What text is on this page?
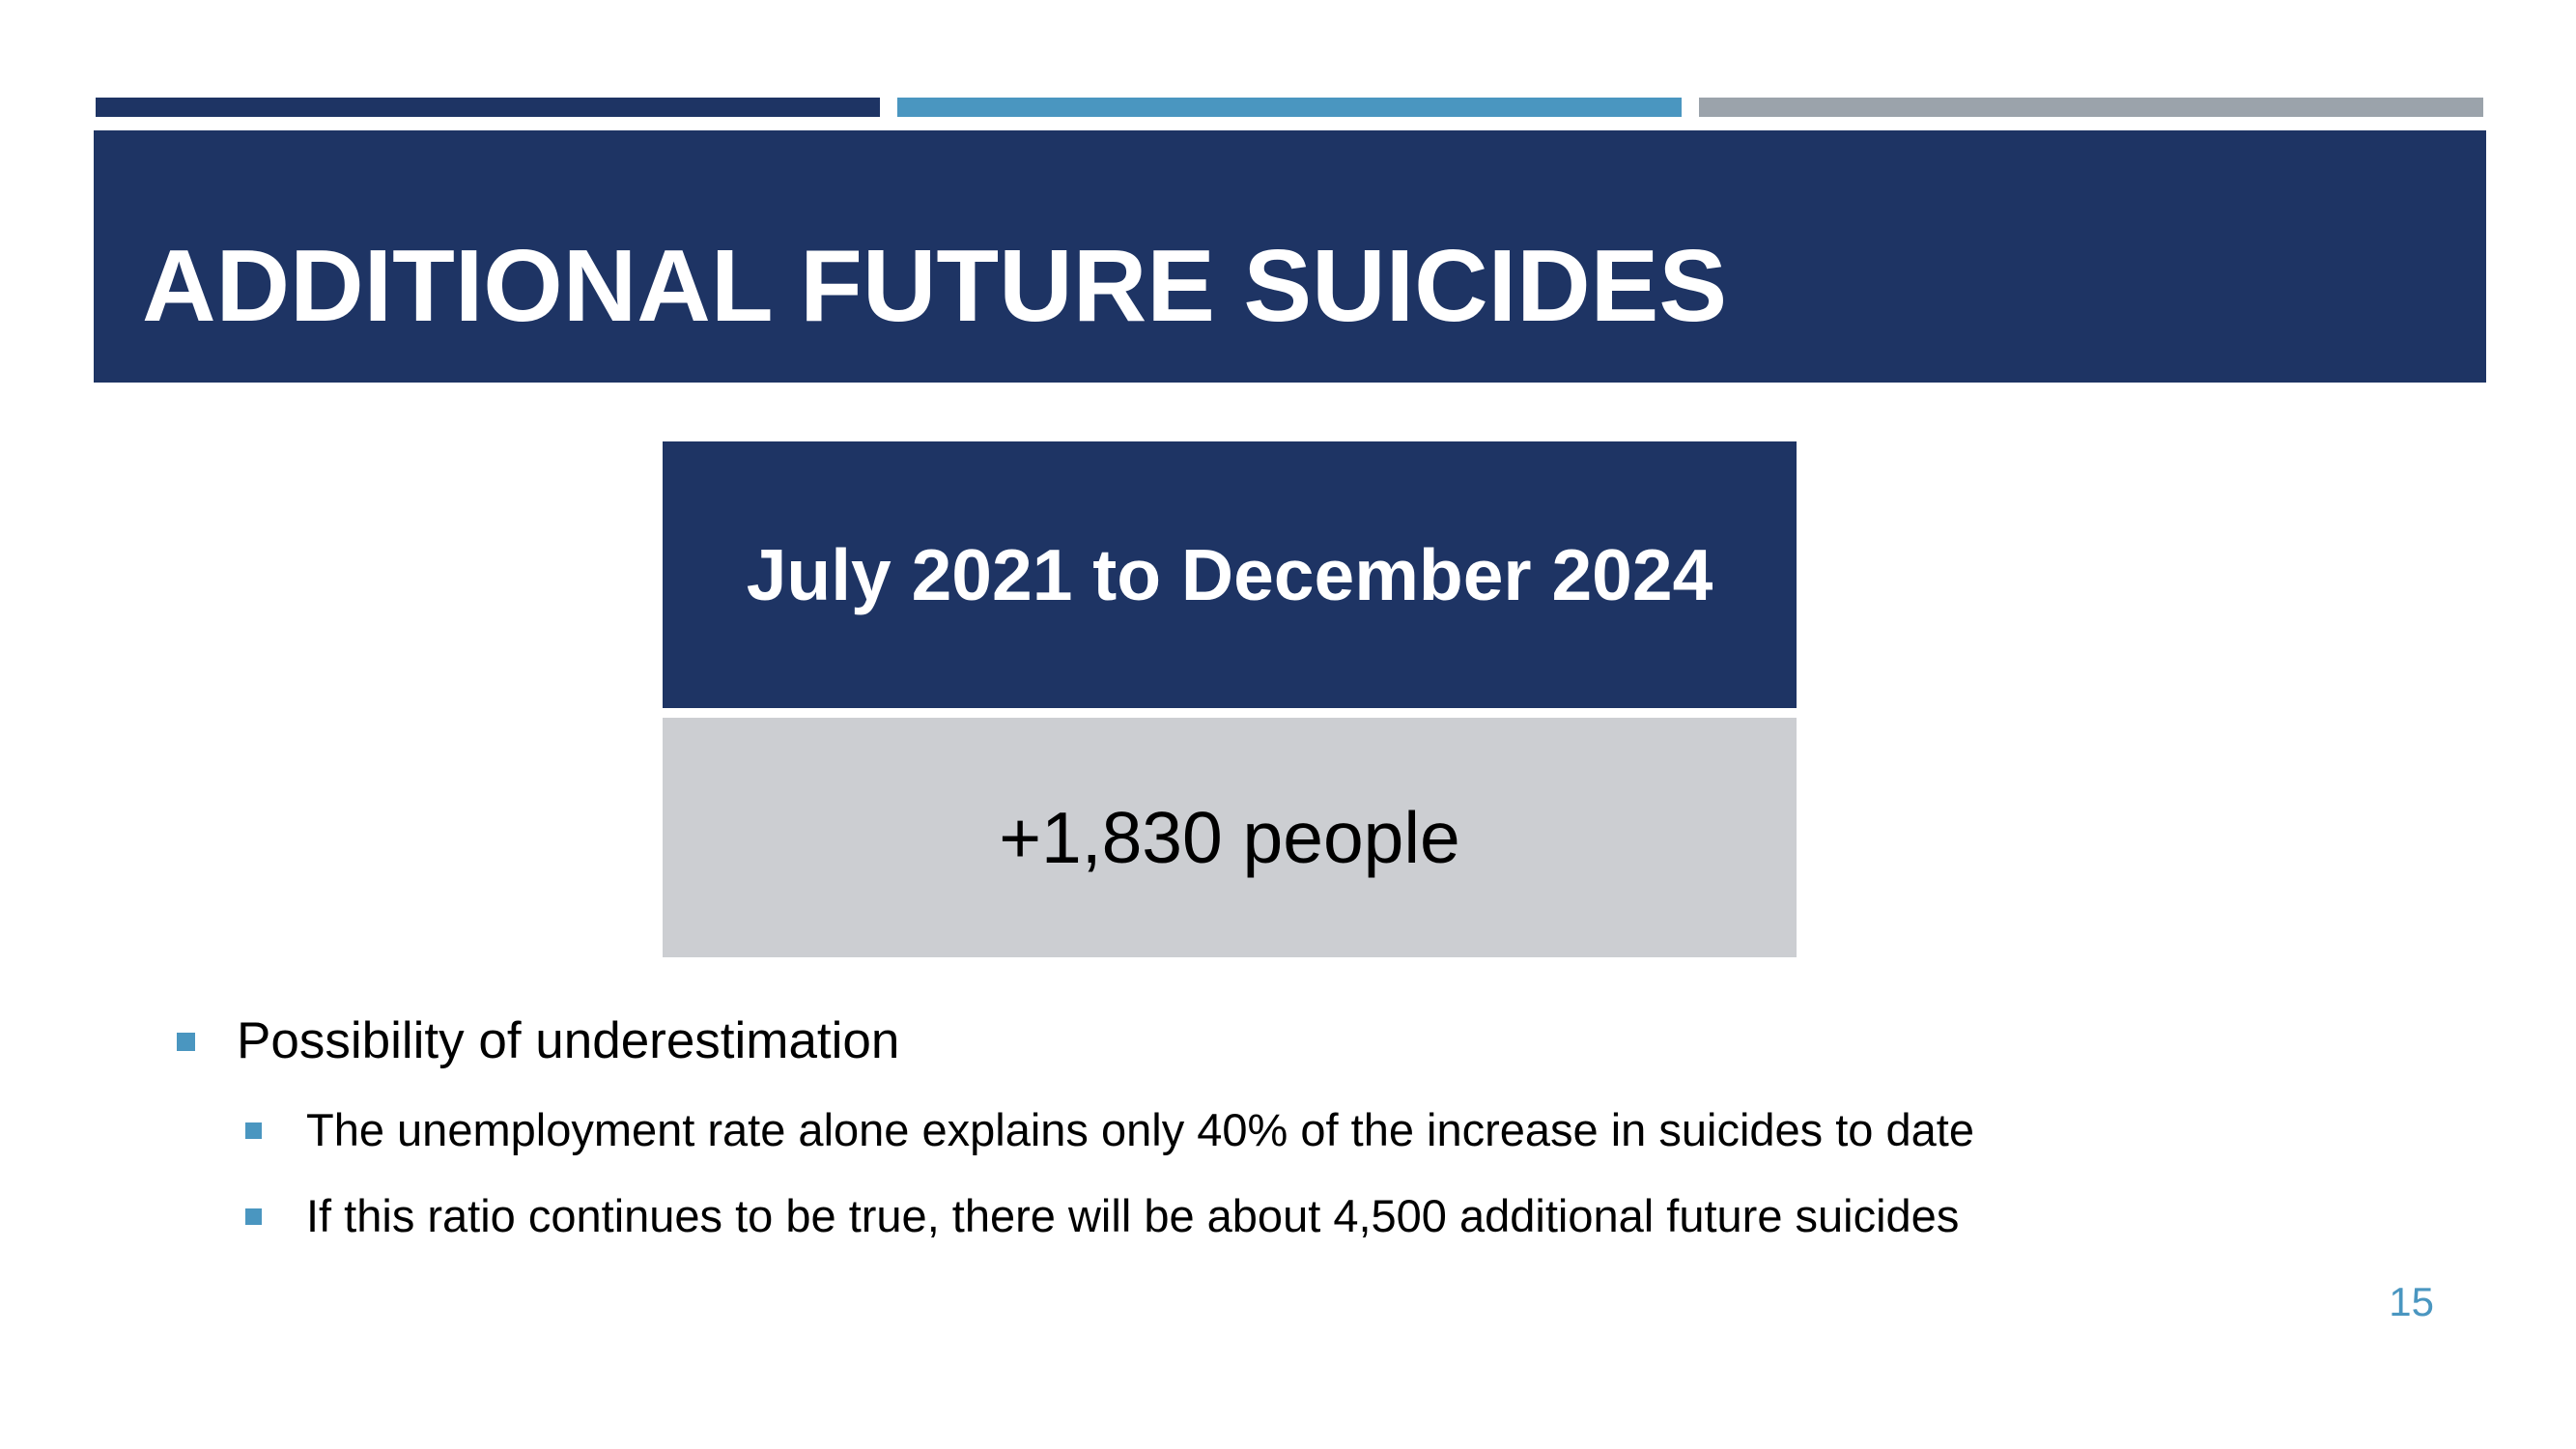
ADDITIONAL FUTURE SUICIDES
July 2021 to December 2024
+1,830 people
Possibility of underestimation
The unemployment rate alone explains only 40% of the increase in suicides to date
If this ratio continues to be true, there will be about 4,500 additional future suicides
15
